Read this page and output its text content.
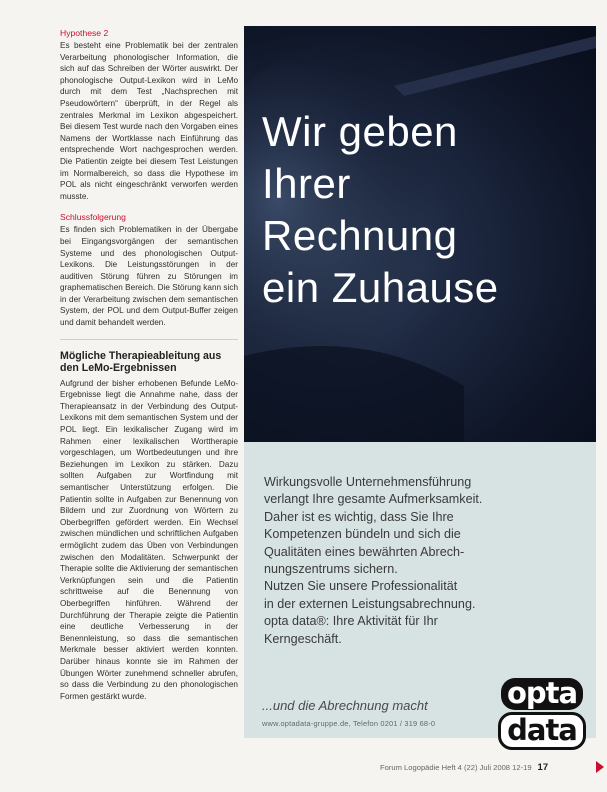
Hypothese 2

Es besteht eine Problematik bei der zentralen Verarbeitung phonologischer Information, die sich auf das Schreiben der Wörter auswirkt. Der phonologische Output-Lexikon wird in LeMo durch mit dem Test „Nachsprechen mit Pseudowörtern“ überprüft, in der Regel als zentrales Merkmal im Lexikon abgespeichert. Bei diesem Test wurde nach den Vorgaben eines Namens der Wortklasse nach Einführung das entsprechende Wort nachgesprochen werden. Die Patientin zeigte bei diesem Test Leistungen im Normalbereich, so dass die Hypothese im POL als nicht eingeschränkt verworfen werden musste.

Schlussfolgerung

Es finden sich Problematiken in der Übergabe bei Eingangsvorgängen der semantischen Systeme und des phonologischen Output-Lexikons. Die Leistungsstörungen in der auditiven Störung führen zu Störungen im graphematischen Bereich. Die Störung kann sich in der Verarbeitung zwischen dem semantischen System, der POL und dem Output-Buffer zeigen und damit behandelt werden.

Mögliche Therapieableitung aus den LeMo-Ergebnissen

Aufgrund der bisher erhobenen Befunde LeMo-Ergebnisse liegt die Annahme nahe, dass der Therapieansatz in der Verbindung des Output-Lexikons mit dem semantischen System und der POL liegt. Ein lexikalischer Zugang wird im Rahmen einer lexikalischen Worttherapie vorgeschlagen, um Wortbedeutungen und ihre Beziehungen im Lexikon zu stärken. Dazu sollten Aufgaben zur Wortfindung mit semantischer Unterstützung erfolgen. Die Patientin sollte in Aufgaben zur Benennung von Bildern und zur Zuordnung von Wörtern zu Oberbegriffen gefördert werden. Ein Wechsel zwischen mündlichen und schriftlichen Aufgaben ermöglicht zudem das Üben von Verbindungen zwischen den Modalitäten. Schwerpunkt der Therapie sollte die Aktivierung der semantischen Verknüpfungen sein und die Patientin schrittweise auf die Benennung von Oberbegriffen hinführen. Während der Durchführung der Therapie zeigte die Patientin eine deutliche Verbesserung in der Benennleistung, so dass die semantischen Merkmale besser aktiviert werden konnten. Darüber hinaus konnte sie im Rahmen der Übungen Wörter zunehmend schneller abrufen, so dass die Verbindung zu den phonologischen Formen gestärkt wurde.

Wir geben
Ihrer
Rechnung
ein Zuhause
Wirkungsvolle Unternehmensführung
verlangt Ihre gesamte Aufmerksamkeit.
Daher ist es wichtig, dass Sie Ihre
Kompetenzen bündeln und sich die
Qualitäten eines bewährten Abrech-
nungszentrums sichern.
Nutzen Sie unsere Professionalität
in der externen Leistungsabrechnung.
opta data®: Ihre Aktivität für Ihr
Kerngeschäft.
opta data
...und die Abrechnung macht
www.optadata-gruppe.de, Telefon 0201 / 319 68-0
Forum Logopädie Heft 4 (22) Juli 2008 12-19 17
